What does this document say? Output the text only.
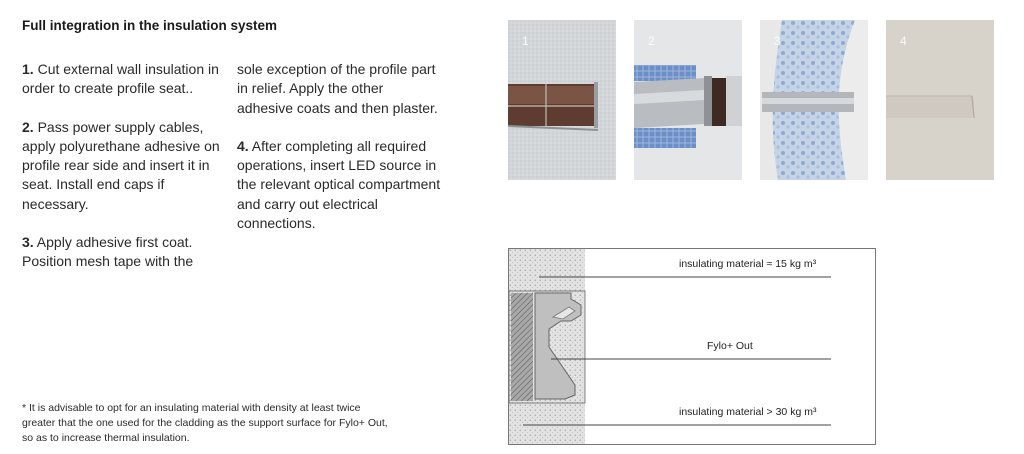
Full integration in the insulation system

1. Cut external wall insulation in order to create profile seat..

2. Pass power supply cables, apply polyurethane adhesive on profile rear side and insert it in seat. Install end caps if necessary.

3. Apply adhesive first coat. Position mesh tape with the

sole exception of the profile part in relief. Apply the other adhesive coats and then plaster.

4. After completing all required operations, insert LED source in the relevant optical compartment and carry out electrical connections.

* It is advisable to opt for an insulating material with density at least twice greater that the one used for the cladding as the support surface for Fylo+ Out, so as to increase thermal insulation.
1	2	3	4
insulating material ≈ 15 kg m³
Fylo+ Out
insulating material > 30 kg m³
